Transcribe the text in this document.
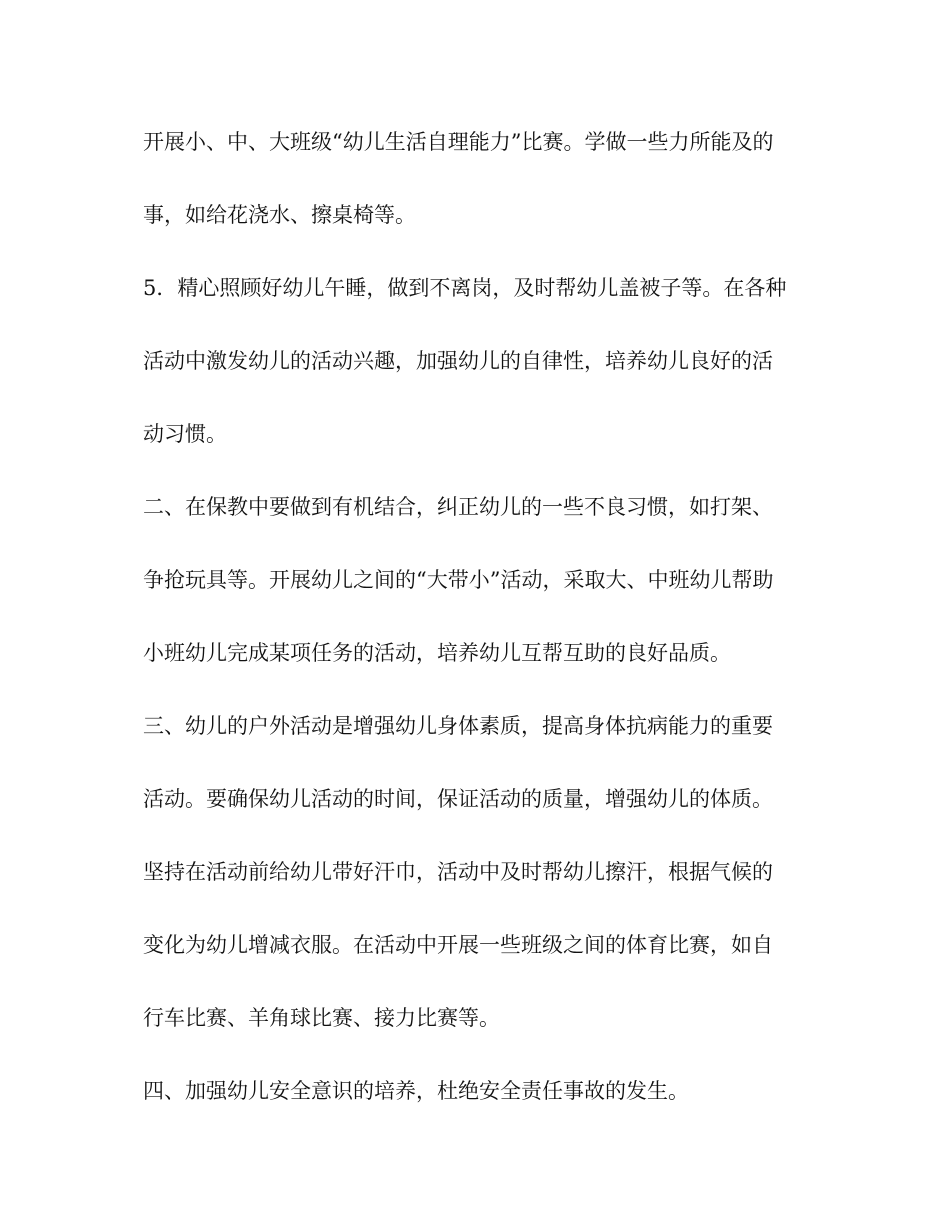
开展小、中、大班级“幼儿生活自理能力”比赛。学做一些力所能及的
事，如给花浇水、擦桌椅等。
5．精心照顾好幼儿午睡，做到不离岗，及时帮幼儿盖被子等。在各种
活动中激发幼儿的活动兴趣，加强幼儿的自律性，培养幼儿良好的活
动习惯。
二、在保教中要做到有机结合，纠正幼儿的一些不良习惯，如打架、
争抢玩具等。开展幼儿之间的“大带小”活动，采取大、中班幼儿帮助
小班幼儿完成某项任务的活动，培养幼儿互帮互助的良好品质。
三、幼儿的户外活动是增强幼儿身体素质，提高身体抗病能力的重要
活动。要确保幼儿活动的时间，保证活动的质量，增强幼儿的体质。
坚持在活动前给幼儿带好汗巾，活动中及时帮幼儿擦汗，根据气候的
变化为幼儿增减衣服。在活动中开展一些班级之间的体育比赛，如自
行车比赛、羊角球比赛、接力比赛等。
四、加强幼儿安全意识的培养，杜绝安全责任事故的发生。
